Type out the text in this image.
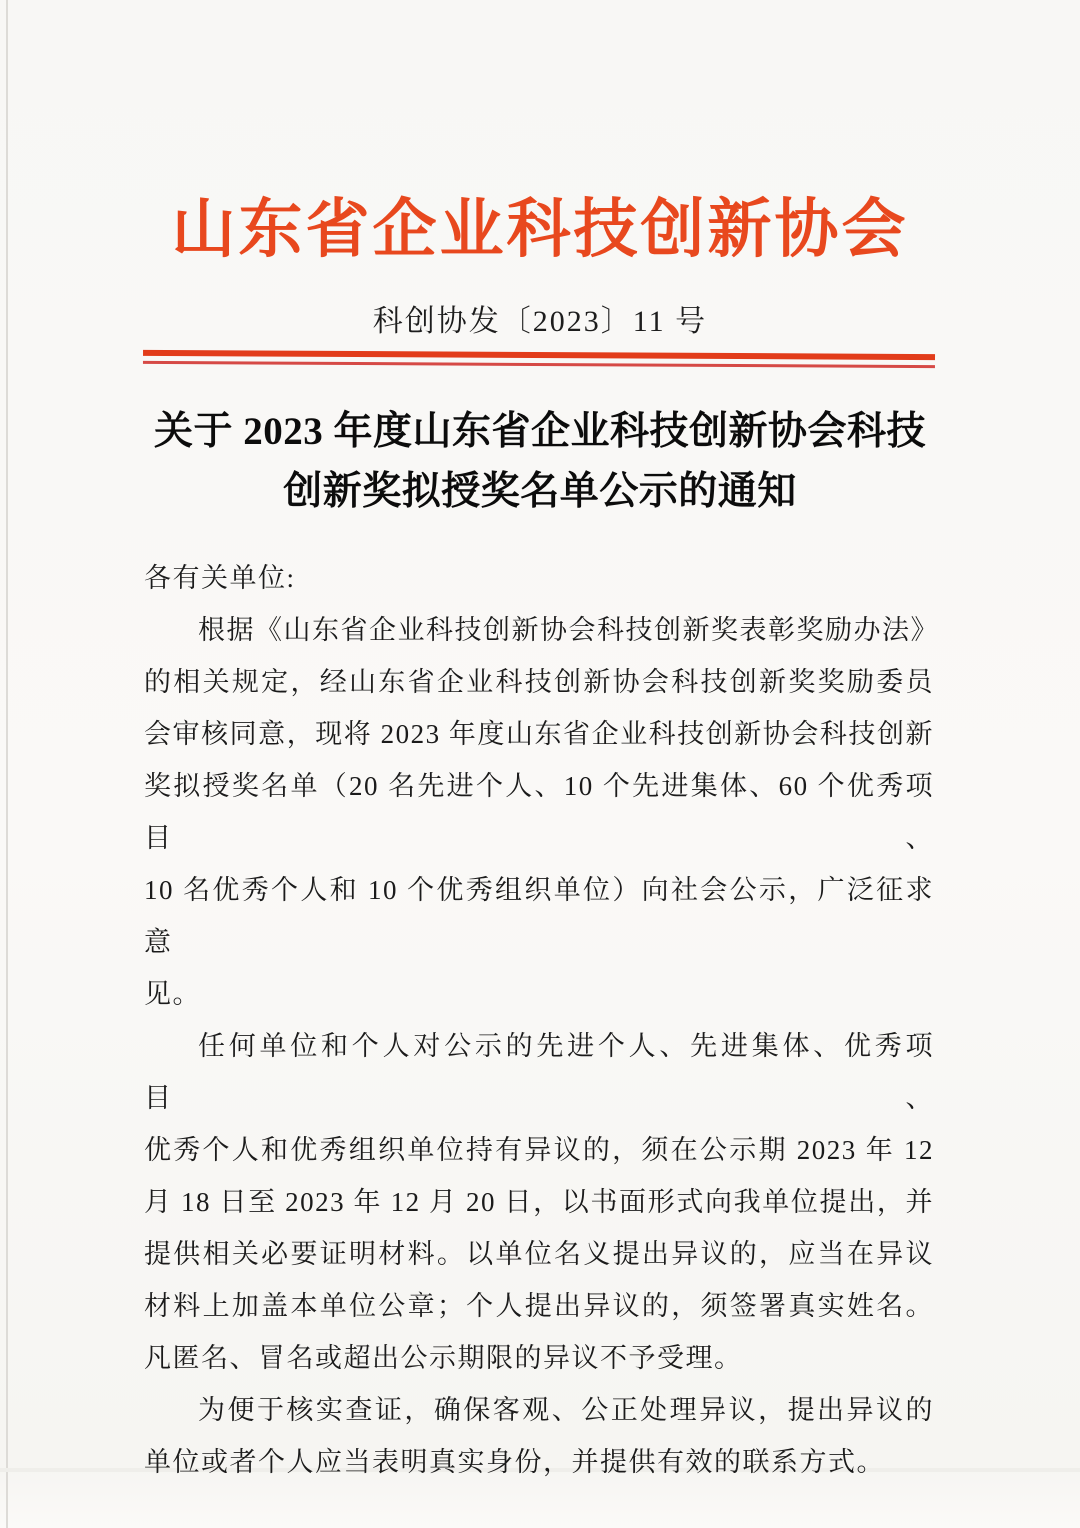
山东省企业科技创新协会
科创协发〔2023〕11 号
关于 2023 年度山东省企业科技创新协会科技
创新奖拟授奖名单公示的通知
各有关单位:
根据《山东省企业科技创新协会科技创新奖表彰奖励办法》
的相关规定，经山东省企业科技创新协会科技创新奖奖励委员
会审核同意，现将 2023 年度山东省企业科技创新协会科技创新
奖拟授奖名单（20 名先进个人、10 个先进集体、60 个优秀项目、
10 名优秀个人和 10 个优秀组织单位）向社会公示，广泛征求意
见。
任何单位和个人对公示的先进个人、先进集体、优秀项目、
优秀个人和优秀组织单位持有异议的，须在公示期 2023 年 12
月 18 日至 2023 年 12 月 20 日，以书面形式向我单位提出，并
提供相关必要证明材料。以单位名义提出异议的，应当在异议
材料上加盖本单位公章；个人提出异议的，须签署真实姓名。
凡匿名、冒名或超出公示期限的异议不予受理。
为便于核实查证，确保客观、公正处理异议，提出异议的
单位或者个人应当表明真实身份，并提供有效的联系方式。
